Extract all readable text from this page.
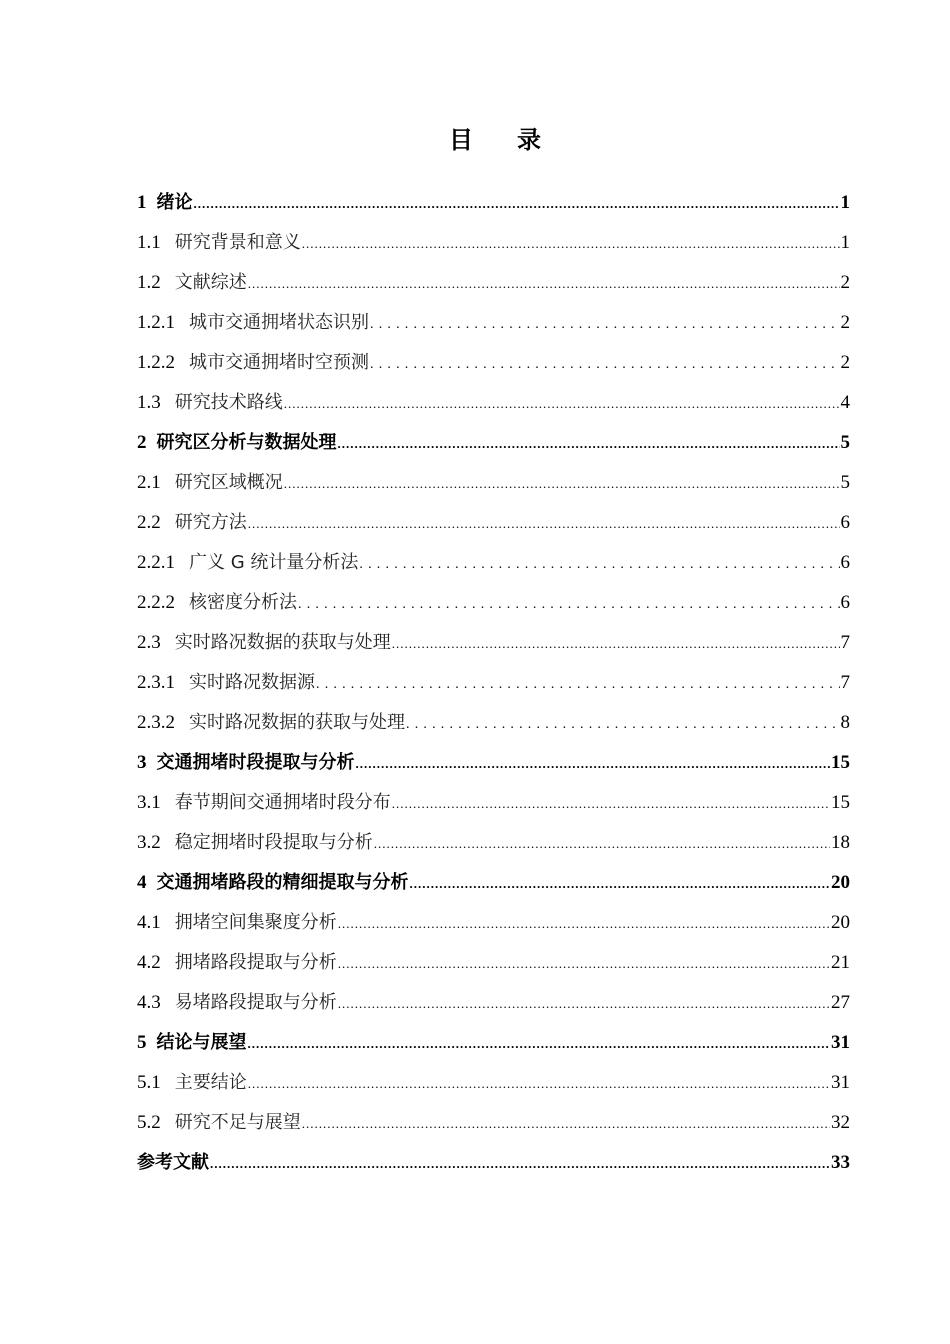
目 录
1 绪论 .....	1
1.1 研究背景和意义 .....	1
1.2 文献综述 .....	2
1.2.1 城市交通拥堵状态识别 .....	2
1.2.2 城市交通拥堵时空预测 .....	2
1.3 研究技术路线 .....	4
2 研究区分析与数据处理 .....	5
2.1 研究区域概况 .....	5
2.2 研究方法 .....	6
2.2.1 广义 G 统计量分析法 .....	6
2.2.2 核密度分析法 .....	6
2.3 实时路况数据的获取与处理 .....	7
2.3.1 实时路况数据源 .....	7
2.3.2 实时路况数据的获取与处理 .....	8
3 交通拥堵时段提取与分析 .....	15
3.1 春节期间交通拥堵时段分布 .....	15
3.2 稳定拥堵时段提取与分析 .....	18
4 交通拥堵路段的精细提取与分析 .....	20
4.1 拥堵空间集聚度分析 .....	20
4.2 拥堵路段提取与分析 .....	21
4.3 易堵路段提取与分析 .....	27
5 结论与展望 .....	31
5.1 主要结论 .....	31
5.2 研究不足与展望 .....	32
参考文献 .....	33
